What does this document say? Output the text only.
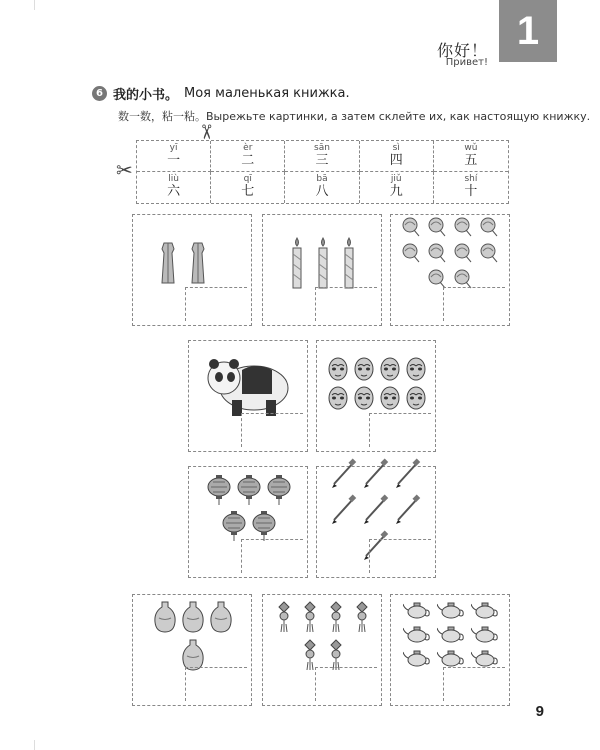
你好！
Привет!
1
6 我的小书。 Моя маленькая книжка.
数一数，粘一粘。Вырежьте картинки, а затем склейте их, как настоящую книжку.
✂
✂
yī
一
èr
二
sān
三
sì
四
wǔ
五
liù
六
qī
七
bā
八
jiǔ
九
shí
十
9
